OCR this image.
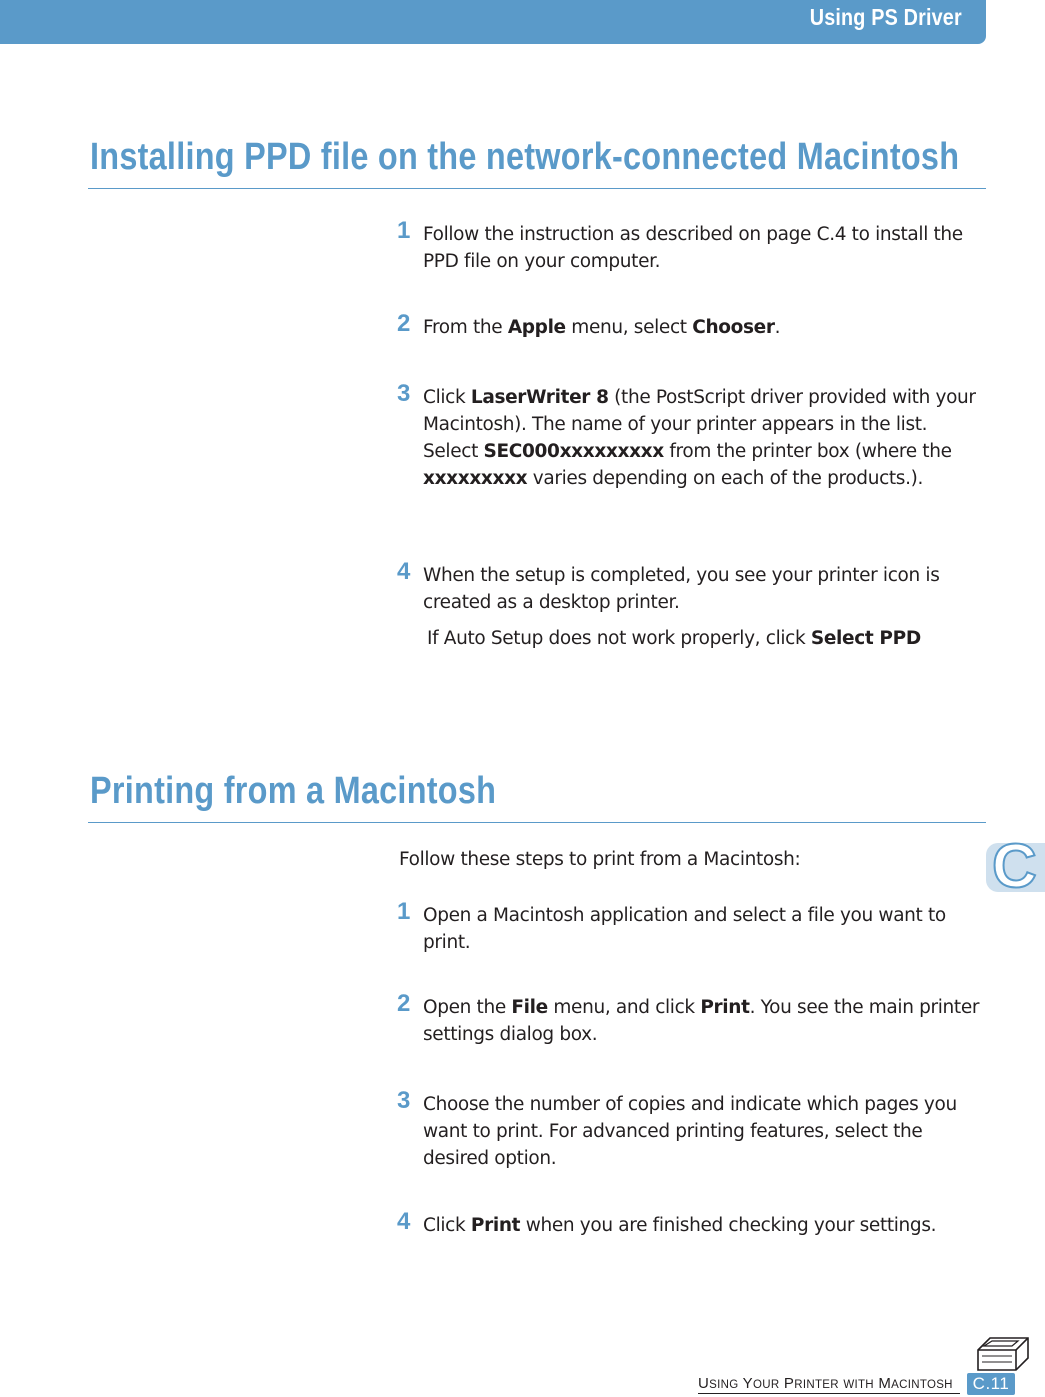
Using PS Driver
Installing PPD file on the network-connected Macintosh
1 Follow the instruction as described on page C.4 to install the PPD file on your computer.
2 From the Apple menu, select Chooser.
3 Click LaserWriter 8 (the PostScript driver provided with your Macintosh). The name of your printer appears in the list. Select SEC000xxxxxxxxx from the printer box (where the xxxxxxxxx varies depending on each of the products.).
4 When the setup is completed, you see your printer icon is created as a desktop printer.
If Auto Setup does not work properly, click Select PPD
Printing from a Macintosh
Follow these steps to print from a Macintosh:
1 Open a Macintosh application and select a file you want to print.
2 Open the File menu, and click Print. You see the main printer settings dialog box.
3 Choose the number of copies and indicate which pages you want to print. For advanced printing features, select the desired option.
4 Click Print when you are finished checking your settings.
C
USING YOUR PRINTER WITH MACINTOSH	C.11
